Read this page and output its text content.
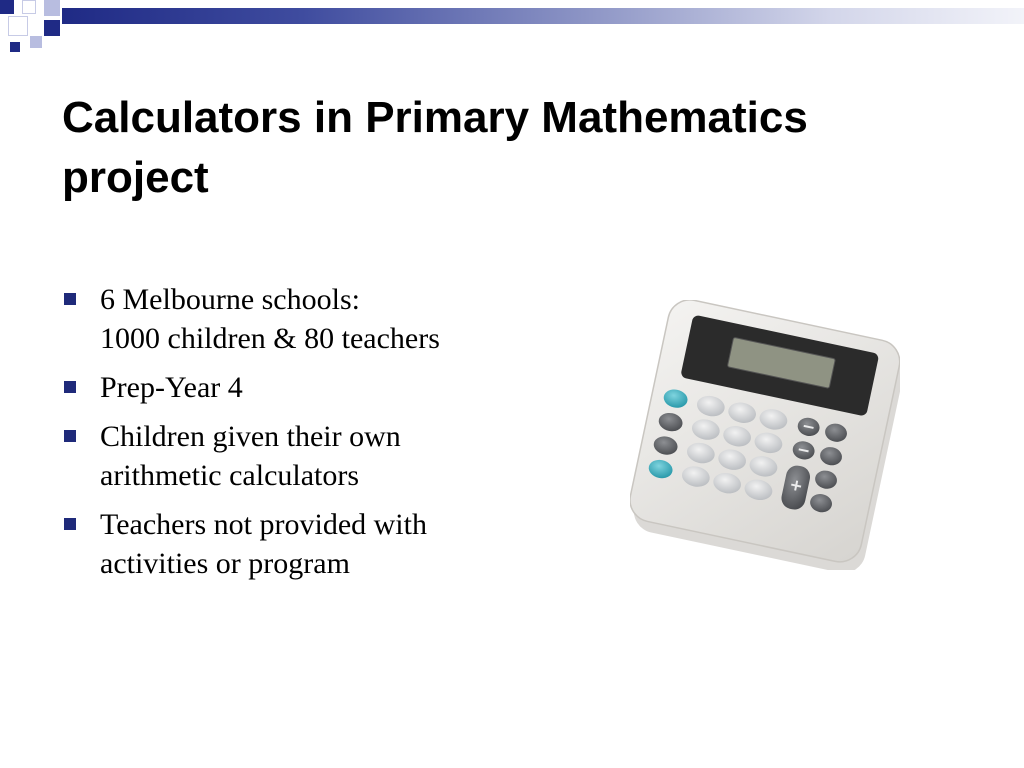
Calculators in Primary Mathematics
project
6 Melbourne schools:
1000 children & 80 teachers
Prep-Year 4
Children given their own
arithmetic calculators
Teachers not provided with
activities or program
